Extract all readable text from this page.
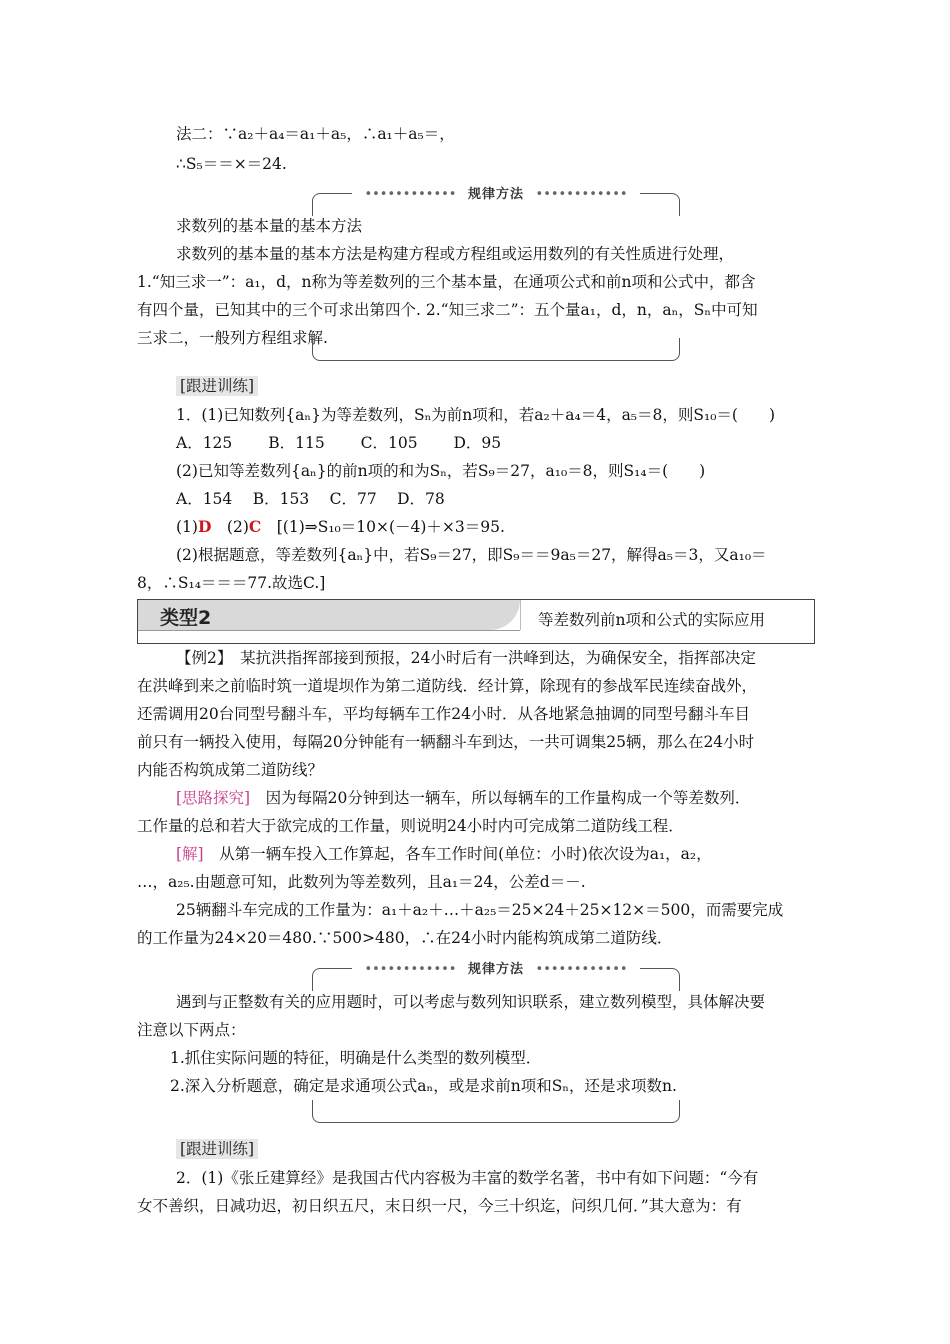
法二：∵a₂＋a₄＝a₁＋a₅，∴a₁＋a₅＝，
∴S₅＝＝×＝24.
•••••••••••• 规律方法 ••••••••••••
求数列的基本量的基本方法
求数列的基本量的基本方法是构建方程或方程组或运用数列的有关性质进行处理，
1.“知三求一”：a₁，d，n称为等差数列的三个基本量，在通项公式和前n项和公式中，都含
有四个量，已知其中的三个可求出第四个. 2.“知三求二”：五个量a₁，d，n，aₙ，Sₙ中可知
三求二，一般列方程组求解.
[跟进训练]
1．(1)已知数列{aₙ}为等差数列，Sₙ为前n项和，若a₂＋a₄＝4，a₅＝8，则S₁₀＝(　　)
A．125　　 B．115　　 C．105　　 D．95
(2)已知等差数列{aₙ}的前n项的和为Sₙ，若S₉＝27，a₁₀＝8，则S₁₄＝(　　)
A．154　 B．153　 C．77　 D．78
(1)D　(2)C　[(1)⇒S₁₀＝10×(－4)＋×3＝95.
(2)根据题意，等差数列{aₙ}中，若S₉＝27，即S₉＝＝9a₅＝27，解得a₅＝3，又a₁₀＝
8，∴S₁₄＝＝＝77.故选C.]
类型2	等差数列前n项和公式的实际应用
【例2】　某抗洪指挥部接到预报，24小时后有一洪峰到达，为确保安全，指挥部决定
在洪峰到来之前临时筑一道堤坝作为第二道防线．经计算，除现有的参战军民连续奋战外，
还需调用20台同型号翻斗车，平均每辆车工作24小时．从各地紧急抽调的同型号翻斗车目
前只有一辆投入使用，每隔20分钟能有一辆翻斗车到达，一共可调集25辆，那么在24小时
内能否构筑成第二道防线？
[思路探究]　因为每隔20分钟到达一辆车，所以每辆车的工作量构成一个等差数列．
工作量的总和若大于欲完成的工作量，则说明24小时内可完成第二道防线工程．
[解]　从第一辆车投入工作算起，各车工作时间(单位：小时)依次设为a₁，a₂，
…，a₂₅.由题意可知，此数列为等差数列，且a₁＝24，公差d＝－.
25辆翻斗车完成的工作量为：a₁＋a₂＋…＋a₂₅＝25×24＋25×12×＝500，而需要完成
的工作量为24×20＝480.∵500>480，∴在24小时内能构筑成第二道防线．
•••••••••••• 规律方法 ••••••••••••
遇到与正整数有关的应用题时，可以考虑与数列知识联系，建立数列模型，具体解决要
注意以下两点：
1.抓住实际问题的特征，明确是什么类型的数列模型．
2.深入分析题意，确定是求通项公式aₙ，或是求前n项和Sₙ，还是求项数n.
[跟进训练]
2．(1)《张丘建算经》是我国古代内容极为丰富的数学名著，书中有如下问题：“今有
女不善织，日减功迟，初日织五尺，末日织一尺，今三十织迄，问织几何．”其大意为：有
